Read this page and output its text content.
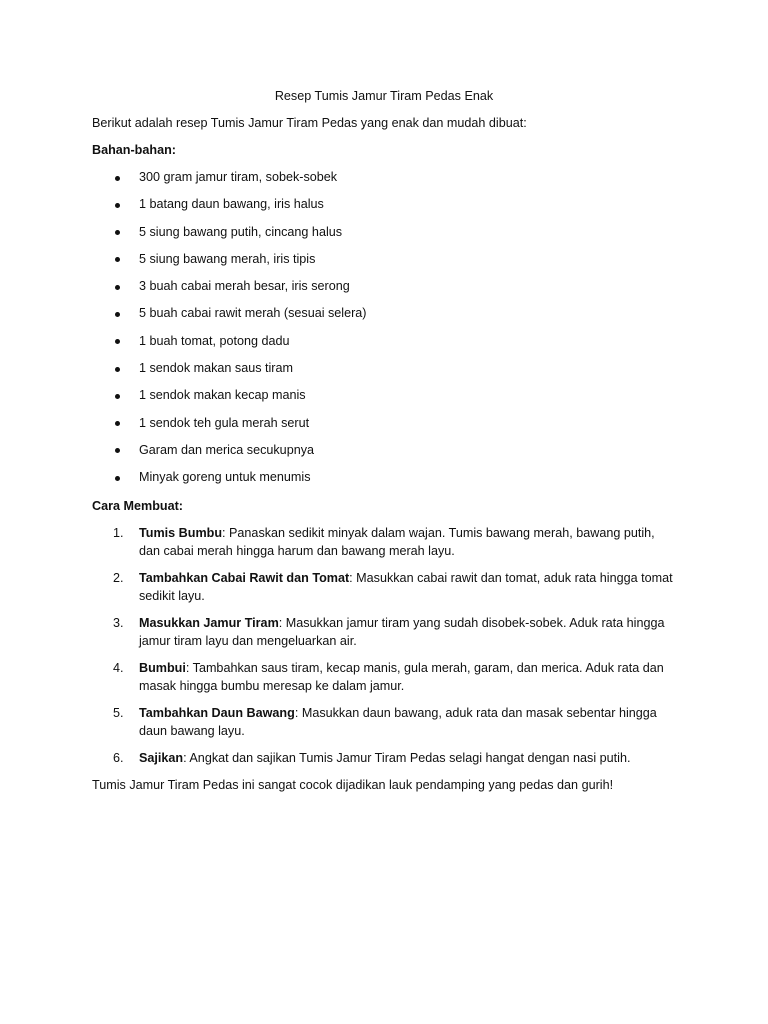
Resep Tumis Jamur Tiram Pedas Enak
Berikut adalah resep Tumis Jamur Tiram Pedas yang enak dan mudah dibuat:
Bahan-bahan:
300 gram jamur tiram, sobek-sobek
1 batang daun bawang, iris halus
5 siung bawang putih, cincang halus
5 siung bawang merah, iris tipis
3 buah cabai merah besar, iris serong
5 buah cabai rawit merah (sesuai selera)
1 buah tomat, potong dadu
1 sendok makan saus tiram
1 sendok makan kecap manis
1 sendok teh gula merah serut
Garam dan merica secukupnya
Minyak goreng untuk menumis
Cara Membuat:
1. Tumis Bumbu: Panaskan sedikit minyak dalam wajan. Tumis bawang merah, bawang putih, dan cabai merah hingga harum dan bawang merah layu.
2. Tambahkan Cabai Rawit dan Tomat: Masukkan cabai rawit dan tomat, aduk rata hingga tomat sedikit layu.
3. Masukkan Jamur Tiram: Masukkan jamur tiram yang sudah disobek-sobek. Aduk rata hingga jamur tiram layu dan mengeluarkan air.
4. Bumbui: Tambahkan saus tiram, kecap manis, gula merah, garam, dan merica. Aduk rata dan masak hingga bumbu meresap ke dalam jamur.
5. Tambahkan Daun Bawang: Masukkan daun bawang, aduk rata dan masak sebentar hingga daun bawang layu.
6. Sajikan: Angkat dan sajikan Tumis Jamur Tiram Pedas selagi hangat dengan nasi putih.
Tumis Jamur Tiram Pedas ini sangat cocok dijadikan lauk pendamping yang pedas dan gurih!
